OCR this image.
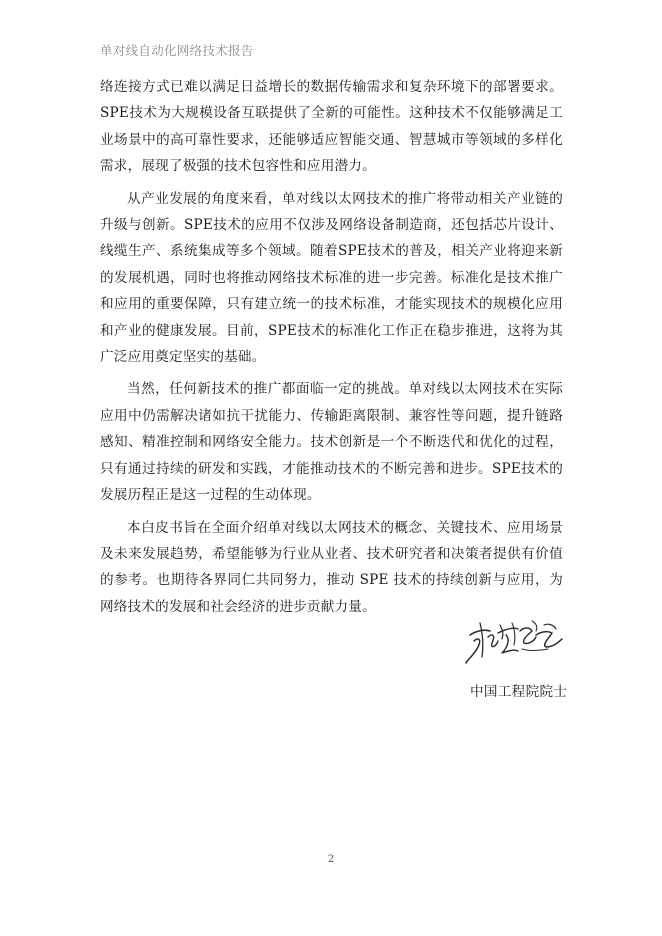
单对线自动化网络技术报告

络连接方式已难以满足日益增长的数据传输需求和复杂环境下的部署要求。SPE技术为大规模设备互联提供了全新的可能性。这种技术不仅能够满足工业场景中的高可靠性要求，还能够适应智能交通、智慧城市等领域的多样化需求，展现了极强的技术包容性和应用潜力。

从产业发展的角度来看，单对线以太网技术的推广将带动相关产业链的升级与创新。SPE技术的应用不仅涉及网络设备制造商，还包括芯片设计、线缆生产、系统集成等多个领域。随着SPE技术的普及，相关产业将迎来新的发展机遇，同时也将推动网络技术标准的进一步完善。标准化是技术推广和应用的重要保障，只有建立统一的技术标准，才能实现技术的规模化应用和产业的健康发展。目前，SPE技术的标准化工作正在稳步推进，这将为其广泛应用奠定坚实的基础。

当然，任何新技术的推广都面临一定的挑战。单对线以太网技术在实际应用中仍需解决诸如抗干扰能力、传输距离限制、兼容性等问题，提升链路感知、精准控制和网络安全能力。技术创新是一个不断迭代和优化的过程，只有通过持续的研发和实践，才能推动技术的不断完善和进步。SPE技术的发展历程正是这一过程的生动体现。

本白皮书旨在全面介绍单对线以太网技术的概念、关键技术、应用场景及未来发展趋势，希望能够为行业从业者、技术研究者和决策者提供有价值的参考。也期待各界同仁共同努力，推动 SPE 技术的持续创新与应用，为网络技术的发展和社会经济的进步贡献力量。

中国工程院院士
2
